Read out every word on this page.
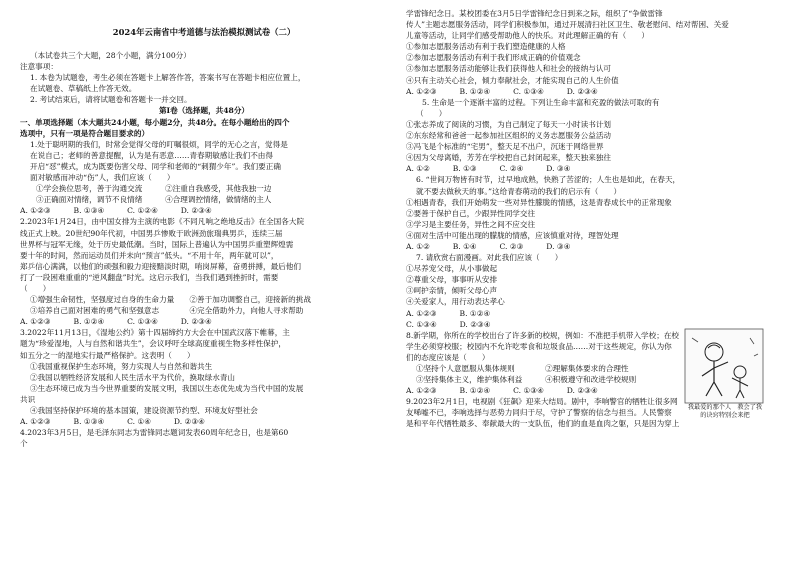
2024年云南省中考道德与法治模拟测试卷（二）
（本试卷共三个大题，28个小题，满分100分）
注意事项：
1. 本卷为试题卷，考生必须在答题卡上解答作答，答案书写在答题卡相应位置上，
在试题卷、草稿纸上作答无效。
2. 考试结束后，请将试题卷和答题卡一并交回。
第Ⅰ卷（选择题，共48分）
一、单项选择题（本大题共24小题，每小题2分，共48分。在每小题给出的四个
选项中，只有一项是符合题目要求的）
1.处于聪明期的我们，时常会觉得父母的叮嘱很烦，同学的无心之言，觉得是
在说自己；老师的善意提醒，认为是有恶意……青春期敏感让我们不由得
开启“怼”模式，成为既要伤害父母、同学和老师的“刺猬少年”。我们要正确
面对敏感而冲动“伤”人，我们应该（　　）
①学会换位思考，善于沟通交流　　　②注重自我感受，其他我独一边
③正确面对情绪，调节不良情绪　　　④合理调控情绪，做情绪的主人
A. ①②③　　　B. ①③④　　　C. ①②④　　　D. ②③④
2.2023年1月24日，由中国女排为主演的电影《不同凡响之绝地反击》在全国各大院
线正式上映。20世纪90年代初，中国男乒惨败于欧洲劲旅瑞典男乒，连续三届
世界杯与冠军无缘，处于历史最低潮。当时，国际上普遍认为中国男乒重塑辉煌需
要十年的时间，然而运动员们并未向“预言”低头。“不用十年，两年就可以”，
郑乒信心满满，以他们的顽强和毅力迎接黯淡时期，哨岗屏幕，奋勇拼搏，最后他们
打了一段困难重重的“逆风翻盘”时光。这启示我们，当我们遇到挫折时，需要
（　　）
①增强生命韧性，坚强度过自身的生命力量　　②善于加功调整自己，迎接新的挑战
③培养自己面对困难的勇气和坚强意志　　　　④完全借助外力，向他人寻求帮助
A. ①②③　　　B. ①②④　　　C. ①③④　　　D. ②③④
3.2022年11月13日，《湿地公约》第十四届缔约方大会在中国武汉落下帷幕，主
题为“珍爱湿地，人与自然和谐共生”，会议呼吁全球高度重视生物多样性保护，
如五分之一的湿地实行最严格保护。这表明（　　）
①我国重视保护生态环境，努力实现人与自然和谐共生
②我国以牺牲经济发展和人民生活水平为代价，换取绿水青山
③生态环境已成为当今世界重要的发展文明，我国以生态优先成为当代中国的发展
共识
④我国坚持保护环境的基本国策，建设资源节约型、环境友好型社会
A. ①②③　　　B. ①③④　　　C. ①④　　　D. ②③④
4.2023年3月5日，是毛泽东同志为雷锋同志题词发表60周年纪念日，也是第60
个
学雷锋纪念日。某校团委在3月5日学雷锋纪念日到来之际，组织了“争做雷锋
传人”主题志愿服务活动，同学们积极参加，通过开展清扫社区卫生、敬老慰问、结对帮困、关爱
儿童等活动，让同学们感受帮助他人的快乐。对此理解正确的有（　　）
①参加志愿服务活动有利于我们塑造健康的人格
②参加志愿服务活动有利于我们形成正确的价值观念
③参加志愿服务活动能够让我们获得他人和社会的接纳与认可
④只有主动关心社会，倾力奉献社会，才能实现自己的人生价值
A. ①②③　　　B. ①②④　　　C. ①③④　　　D. ②③④
5. 生命是一个逐渐丰富的过程。下列让生命丰富和充盈的做法可取的有
（　　）
①张志养成了阅读的习惯，为自己制定了每天一小时读书计划
②东东经常和爸爸一起参加社区组织的义务志愿服务公益活动
③冯飞是个标准的“宅男”，整天足不出户，沉迷于网络世界
④因为父母离婚，芳芳在学校把自己封闭起来，整天独来独往
A. ①②　　　B. ①③　　　C. ②④　　　D. ③④
6. “世间万物皆有时节，过早地成熟，快熟了苦涩的；人生也是如此，在春天，
就不要去做秋天的事。”这给青春萌动的我们的启示有（　　）
①相遇青春，我们开始萌发一些对异性朦胧的情感，这是青春成长中的正常现象
②要善于保护自己，少跟异性同学交往
③学习是主要任务，异性之间不应交往
④面对生活中可能出现的朦胧的情感，应该慎重对待，理智处理
A. ①②　　　B. ①④　　　C. ②③　　　D. ③④
7. 请欣赏右面漫画。对此我们应该（　　）
①尽养宠父母，从小事做起
②尊重父母，事事听从安排
③呵护亲情，倾听父母心声
④关爱家人，用行动表达孝心
A. ①②③　　　B. ①②④
C. ①③④　　　D. ②③④
8.新学期，你所在的学校出台了许多新的校规，例如：不准把手机带入学校；在校
学生必须穿校服；校园内不允许吃零食和垃圾食品……对于这些规定，你认为你
们的态度应该是（　　）
①坚持个人意愿服从集体规则　　　　②理解集体要求的合理性
③坚持集体主义，维护集体利益　　　④积极遵守和改进学校规则
A. ①②③　　　B. ①②④　　　C. ①③④　　　D. ②③④
9.2023年2月1日，电视剧《狂飙》迎来大结局。剧中，李响警官的牺牲让很多网
友唏嘘不已，李响选择与恶势力同归于尽，守护了警察的信念与担当。人民警察
是和平年代牺牲最多、奉献最大的一支队伍，他们的血是血肉之躯，只是因为穿上
我最爱的那个人　教会了我　的诀窍特别会来把
